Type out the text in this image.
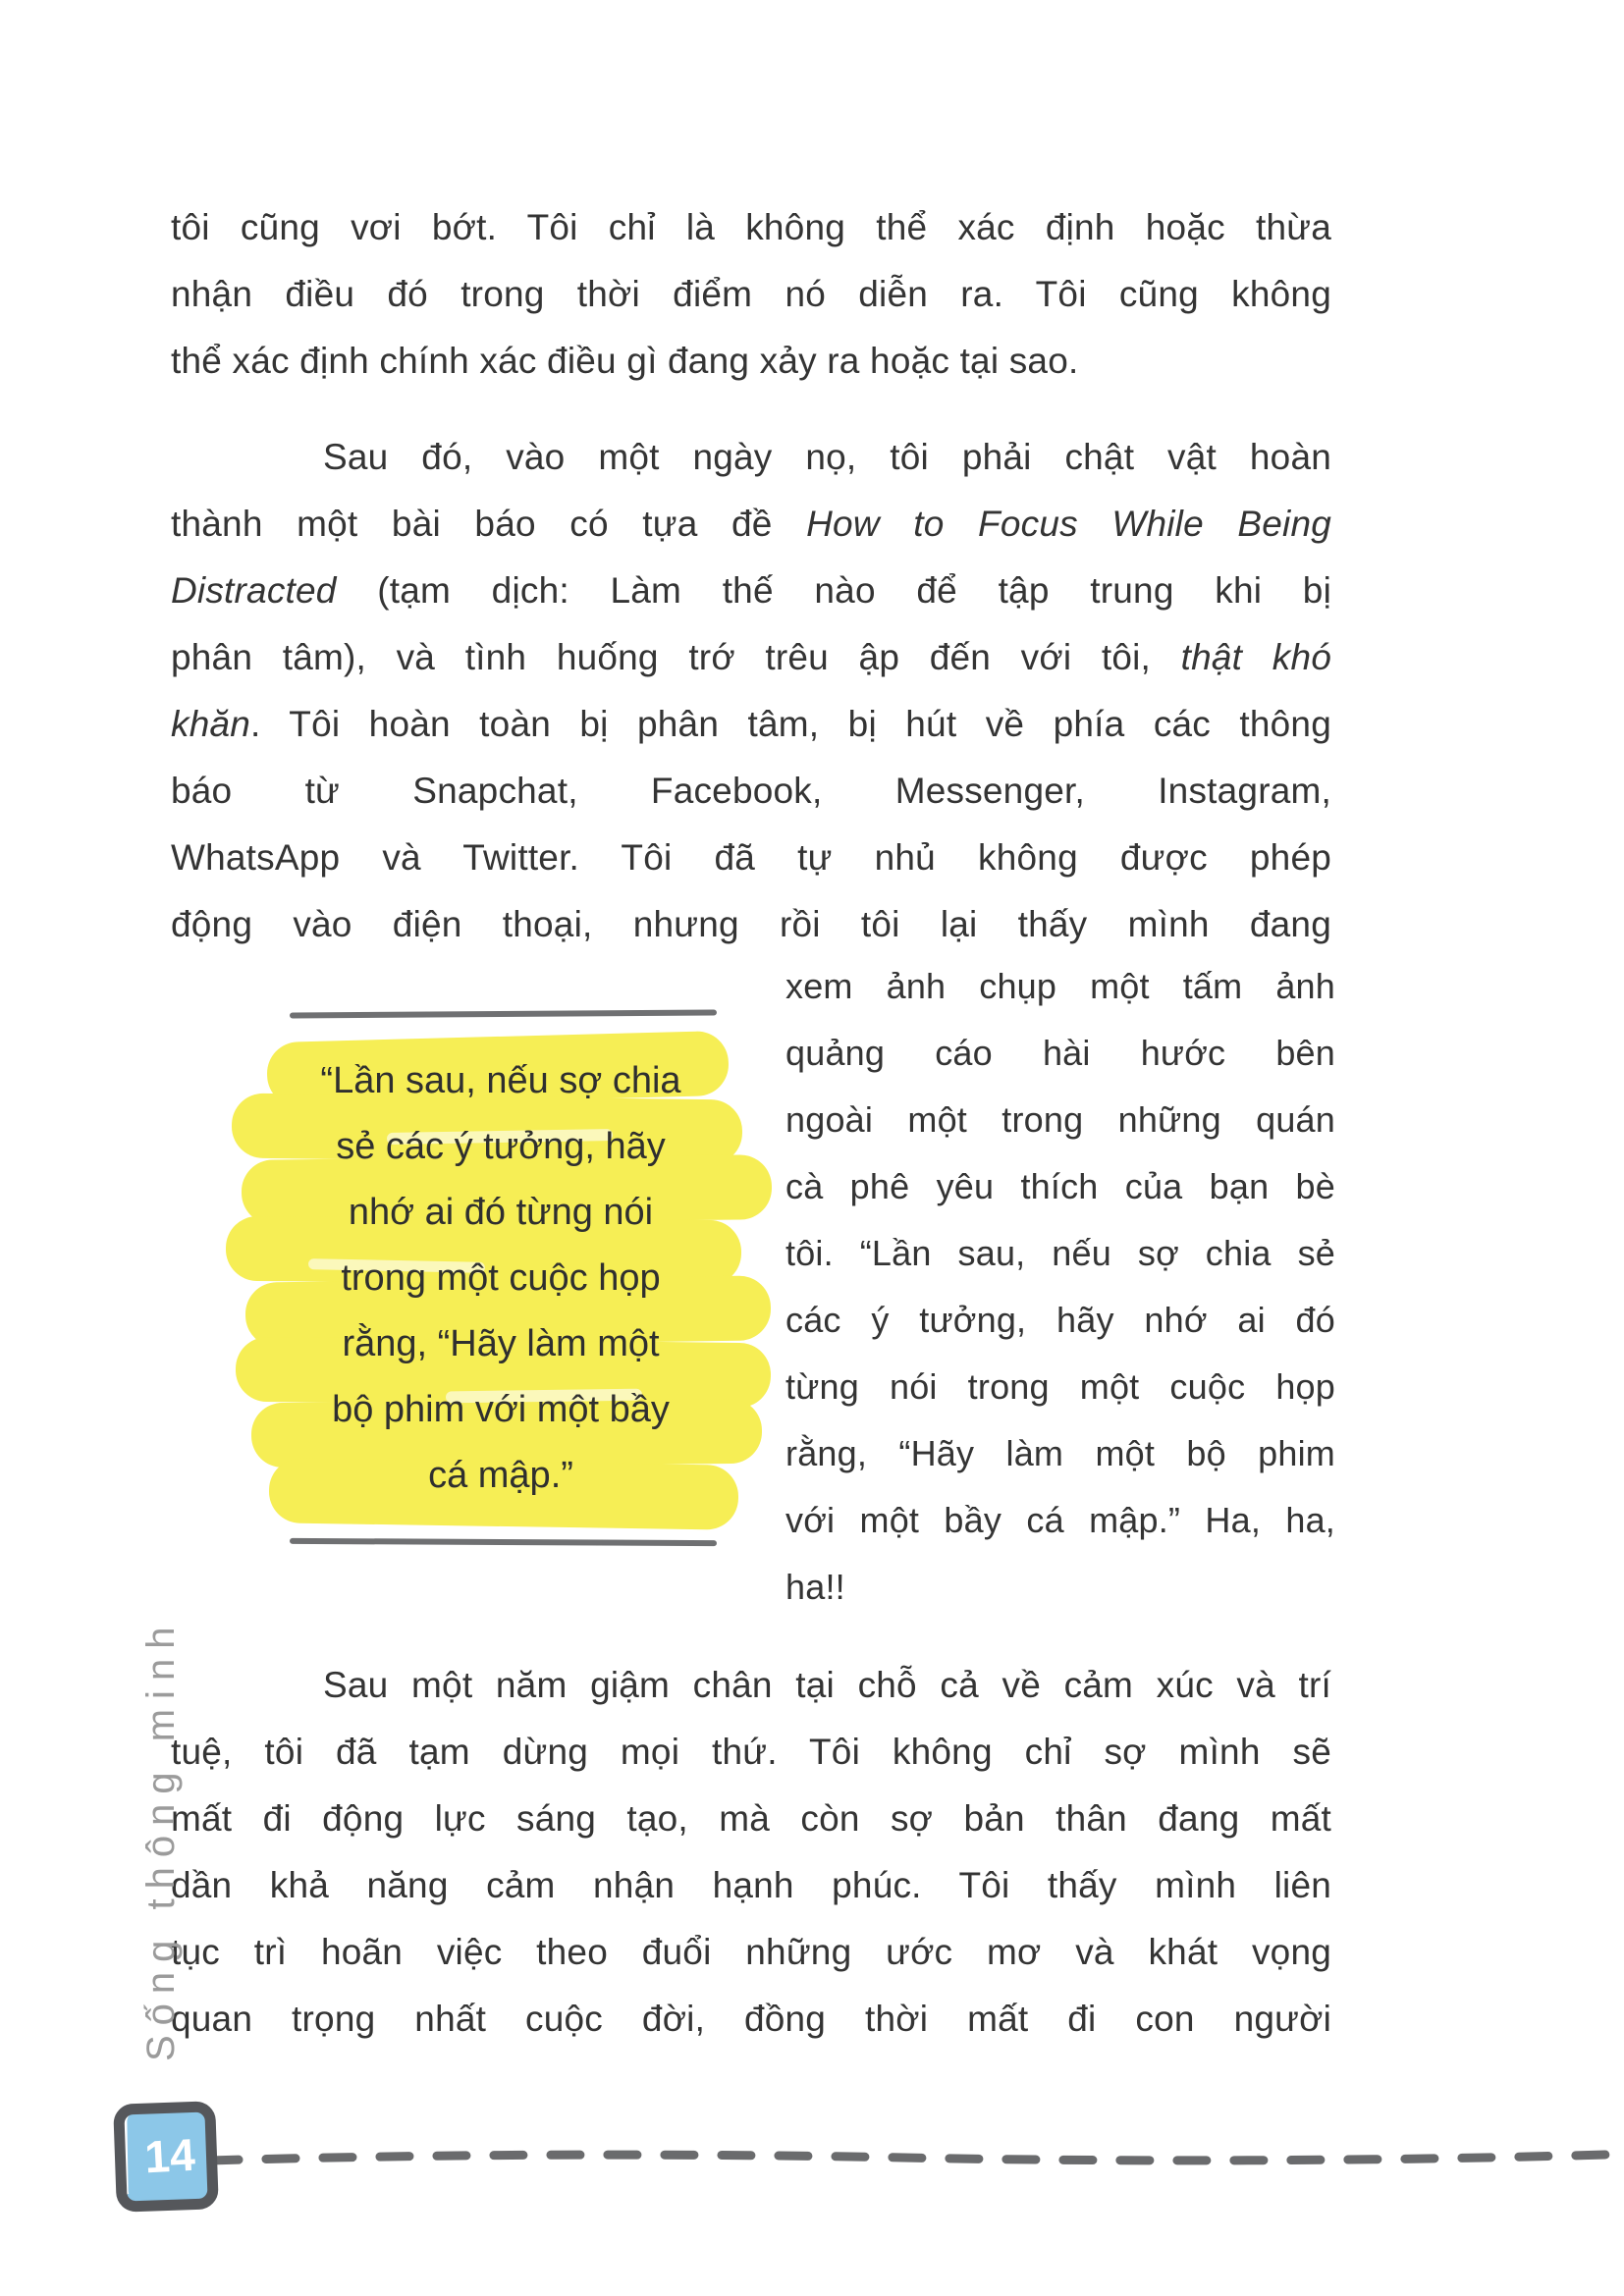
tôi cũng vơi bớt. Tôi chỉ là không thể xác định hoặc thừa
nhận điều đó trong thời điểm nó diễn ra. Tôi cũng không
thể xác định chính xác điều gì đang xảy ra hoặc tại sao.
Sau đó, vào một ngày nọ, tôi phải chật vật hoàn
thành một bài báo có tựa đề How to Focus While Being
Distracted (tạm dịch: Làm thế nào để tập trung khi bị
phân tâm), và tình huống trớ trêu ập đến với tôi, thật khó
khăn. Tôi hoàn toàn bị phân tâm, bị hút về phía các thông
báo từ Snapchat, Facebook, Messenger, Instagram,
WhatsApp và Twitter. Tôi đã tự nhủ không được phép
động vào điện thoại, nhưng rồi tôi lại thấy mình đang
“Lần sau, nếu sợ chia
sẻ các ý tưởng, hãy
nhớ ai đó từng nói
trong một cuộc họp
rằng, “Hãy làm một
bộ phim với một bầy
cá mập.”
xem ảnh chụp một tấm ảnh
quảng cáo hài hước bên
ngoài một trong những quán
cà phê yêu thích của bạn bè
tôi. “Lần sau, nếu sợ chia sẻ
các ý tưởng, hãy nhớ ai đó
từng nói trong một cuộc họp
rằng, “Hãy làm một bộ phim
với một bầy cá mập.” Ha, ha,
ha!!
Sau một năm giậm chân tại chỗ cả về cảm xúc và trí
tuệ, tôi đã tạm dừng mọi thứ. Tôi không chỉ sợ mình sẽ
mất đi động lực sáng tạo, mà còn sợ bản thân đang mất
dần khả năng cảm nhận hạnh phúc. Tôi thấy mình liên
tục trì hoãn việc theo đuổi những ước mơ và khát vọng
quan trọng nhất cuộc đời, đồng thời mất đi con người
Sống thông minh
14
